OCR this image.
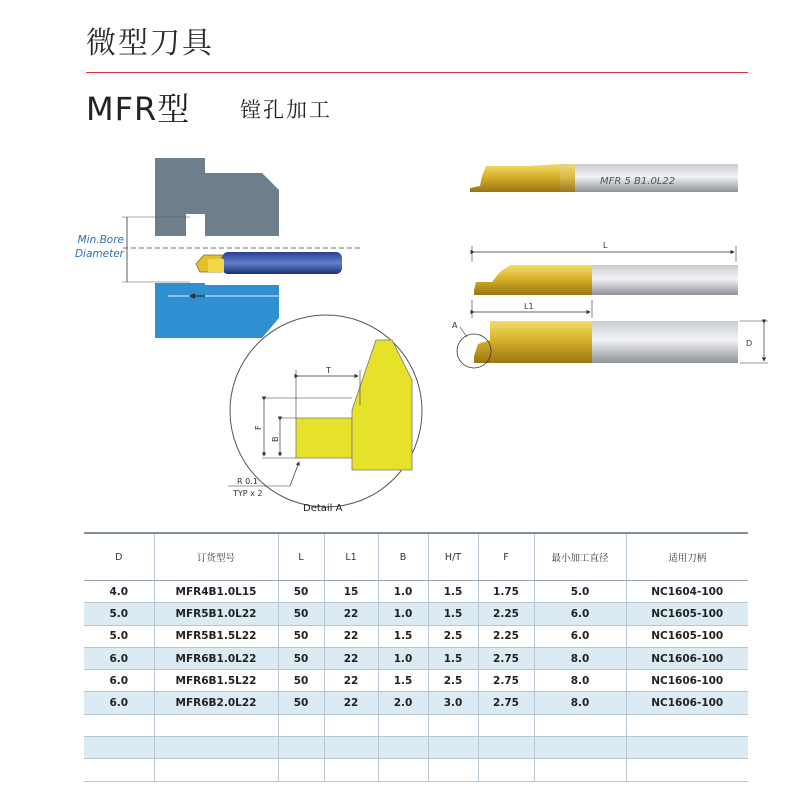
微型刀具
MFR型 镗孔加工
MFR 5 B1.0L22
T
F
B
R 0.1
TYP x 2
Detail A
L
L1
D
A
Min.Bore
Diameter
D	订货型号	L	L1	B	H/T	F	最小加工直径	适用刀柄
4.0	MFR4B1.0L15	50	15	1.0	1.5	1.75	5.0	NC1604-100
5.0	MFR5B1.0L22	50	22	1.0	1.5	2.25	6.0	NC1605-100
5.0	MFR5B1.5L22	50	22	1.5	2.5	2.25	6.0	NC1605-100
6.0	MFR6B1.0L22	50	22	1.0	1.5	2.75	8.0	NC1606-100
6.0	MFR6B1.5L22	50	22	1.5	2.5	2.75	8.0	NC1606-100
6.0	MFR6B2.0L22	50	22	2.0	3.0	2.75	8.0	NC1606-100
